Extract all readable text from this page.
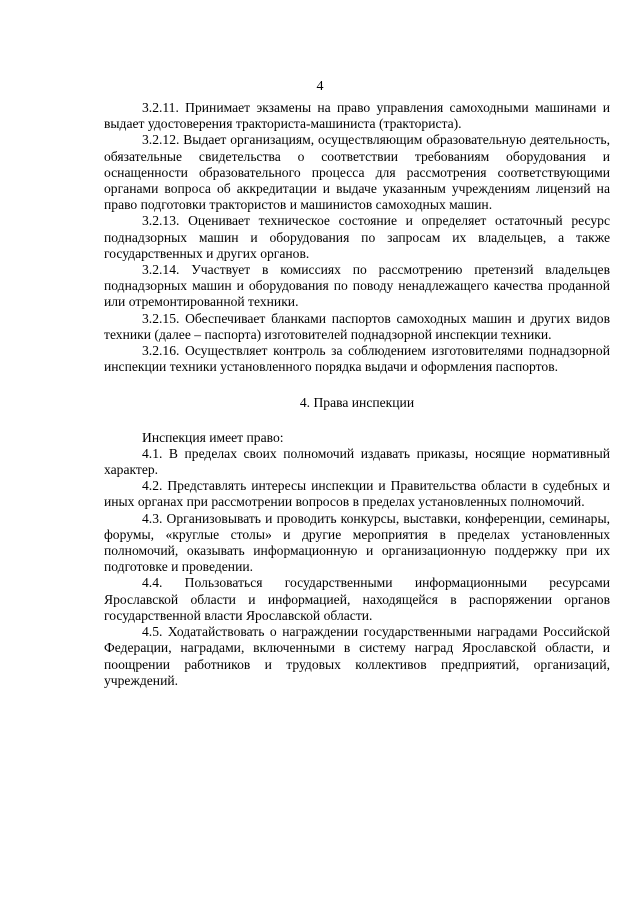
4

3.2.11. Принимает экзамены на право управления самоходными машинами и выдает удостоверения тракториста-машиниста (тракториста).

3.2.12. Выдает организациям, осуществляющим образовательную деятельность, обязательные свидетельства о соответствии требованиям оборудования и оснащенности образовательного процесса для рассмотрения соответствующими органами вопроса об аккредитации и выдаче указанным учреждениям лицензий на право подготовки трактористов и машинистов самоходных машин.

3.2.13. Оценивает техническое состояние и определяет остаточный ресурс поднадзорных машин и оборудования по запросам их владельцев, а также государственных и других органов.

3.2.14. Участвует в комиссиях по рассмотрению претензий владельцев поднадзорных машин и оборудования по поводу ненадлежащего качества проданной или отремонтированной техники.

3.2.15. Обеспечивает бланками паспортов самоходных машин и других видов техники (далее – паспорта) изготовителей поднадзорной инспекции техники.

3.2.16. Осуществляет контроль за соблюдением изготовителями поднадзорной инспекции техники установленного порядка выдачи и оформления паспортов.

4. Права инспекции

Инспекция имеет право:

4.1. В пределах своих полномочий издавать приказы, носящие нормативный характер.

4.2. Представлять интересы инспекции и Правительства области в судебных и иных органах при рассмотрении вопросов в пределах установленных полномочий.

4.3. Организовывать и проводить конкурсы, выставки, конференции, семинары, форумы, «круглые столы» и другие мероприятия в пределах установленных полномочий, оказывать информационную и организационную поддержку при их подготовке и проведении.

4.4. Пользоваться государственными информационными ресурсами Ярославской области и информацией, находящейся в распоряжении органов государственной власти Ярославской области.

4.5. Ходатайствовать о награждении государственными наградами Российской Федерации, наградами, включенными в систему наград Ярославской области, и поощрении работников и трудовых коллективов предприятий, организаций, учреждений.
